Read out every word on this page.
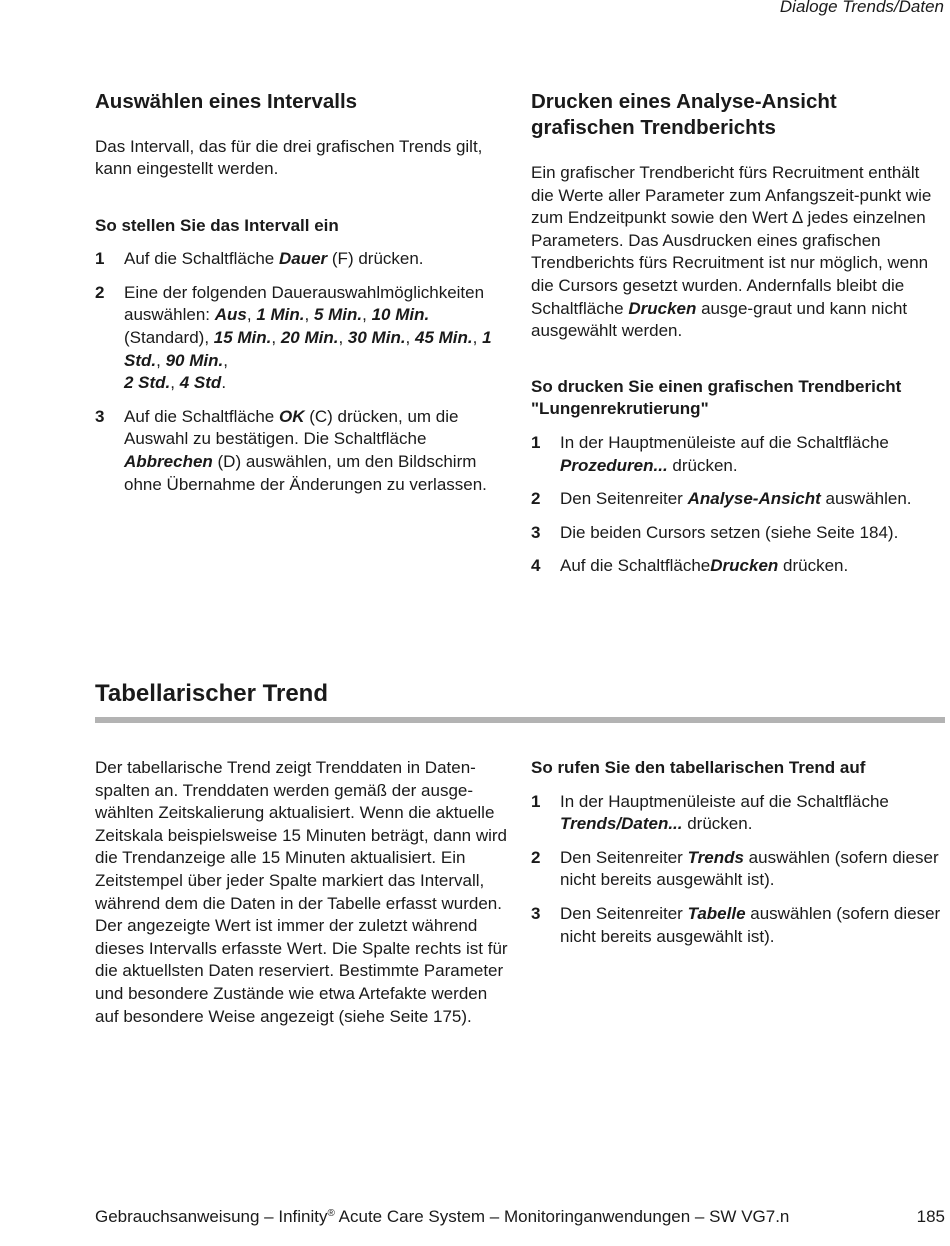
Dialoge Trends/Daten
Auswählen eines Intervalls

Das Intervall, das für die drei grafischen Trends gilt, kann eingestellt werden.

So stellen Sie das Intervall ein

1 Auf die Schaltfläche Dauer (F) drücken.
2 Eine der folgenden Dauerauswahlmöglichkeiten auswählen: Aus, 1 Min., 5 Min., 10 Min. (Standard), 15 Min., 20 Min., 30 Min., 45 Min., 1 Std., 90 Min.,
2 Std., 4 Std.
3 Auf die Schaltfläche OK (C) drücken, um die Auswahl zu bestätigen. Die Schaltfläche Abbrechen (D) auswählen, um den Bildschirm ohne Übernahme der Änderungen zu verlassen.
Drucken eines Analyse-Ansicht
grafischen Trendberichts

Ein grafischer Trendbericht fürs Recruitment enthält die Werte aller Parameter zum Anfangszeit-punkt wie zum Endzeitpunkt sowie den Wert ∆ jedes einzelnen Parameters. Das Ausdrucken eines grafischen Trendberichts fürs Recruitment ist nur möglich, wenn die Cursors gesetzt wurden. Andernfalls bleibt die Schaltfläche Drucken ausge-graut und kann nicht ausgewählt werden.

So drucken Sie einen grafischen Trendbericht "Lungenrekrutierung"

1 In der Hauptmenüleiste auf die Schaltfläche Prozeduren... drücken.
2 Den Seitenreiter Analyse-Ansicht auswählen.
3 Die beiden Cursors setzen (siehe Seite 184).
4 Auf die SchaltflächeDrucken drücken.
Tabellarischer Trend

Der tabellarische Trend zeigt Trenddaten in Daten-spalten an. Trenddaten werden gemäß der ausge-wählten Zeitskalierung aktualisiert. Wenn die aktuelle Zeitskala beispielsweise 15 Minuten beträgt, dann wird die Trendanzeige alle 15 Minuten aktualisiert. Ein Zeitstempel über jeder Spalte markiert das Intervall, während dem die Daten in der Tabelle erfasst wurden. Der angezeigte Wert ist immer der zuletzt während dieses Intervalls erfasste Wert. Die Spalte rechts ist für die aktuellsten Daten reserviert. Bestimmte Parameter und besondere Zustände wie etwa Artefakte werden auf besondere Weise angezeigt (siehe Seite 175).

So rufen Sie den tabellarischen Trend auf

1 In der Hauptmenüleiste auf die Schaltfläche Trends/Daten... drücken.
2 Den Seitenreiter Trends auswählen (sofern dieser nicht bereits ausgewählt ist).
3 Den Seitenreiter Tabelle auswählen (sofern dieser nicht bereits ausgewählt ist).
Gebrauchsanweisung – Infinity® Acute Care System – Monitoringanwendungen – SW VG7.n	185
